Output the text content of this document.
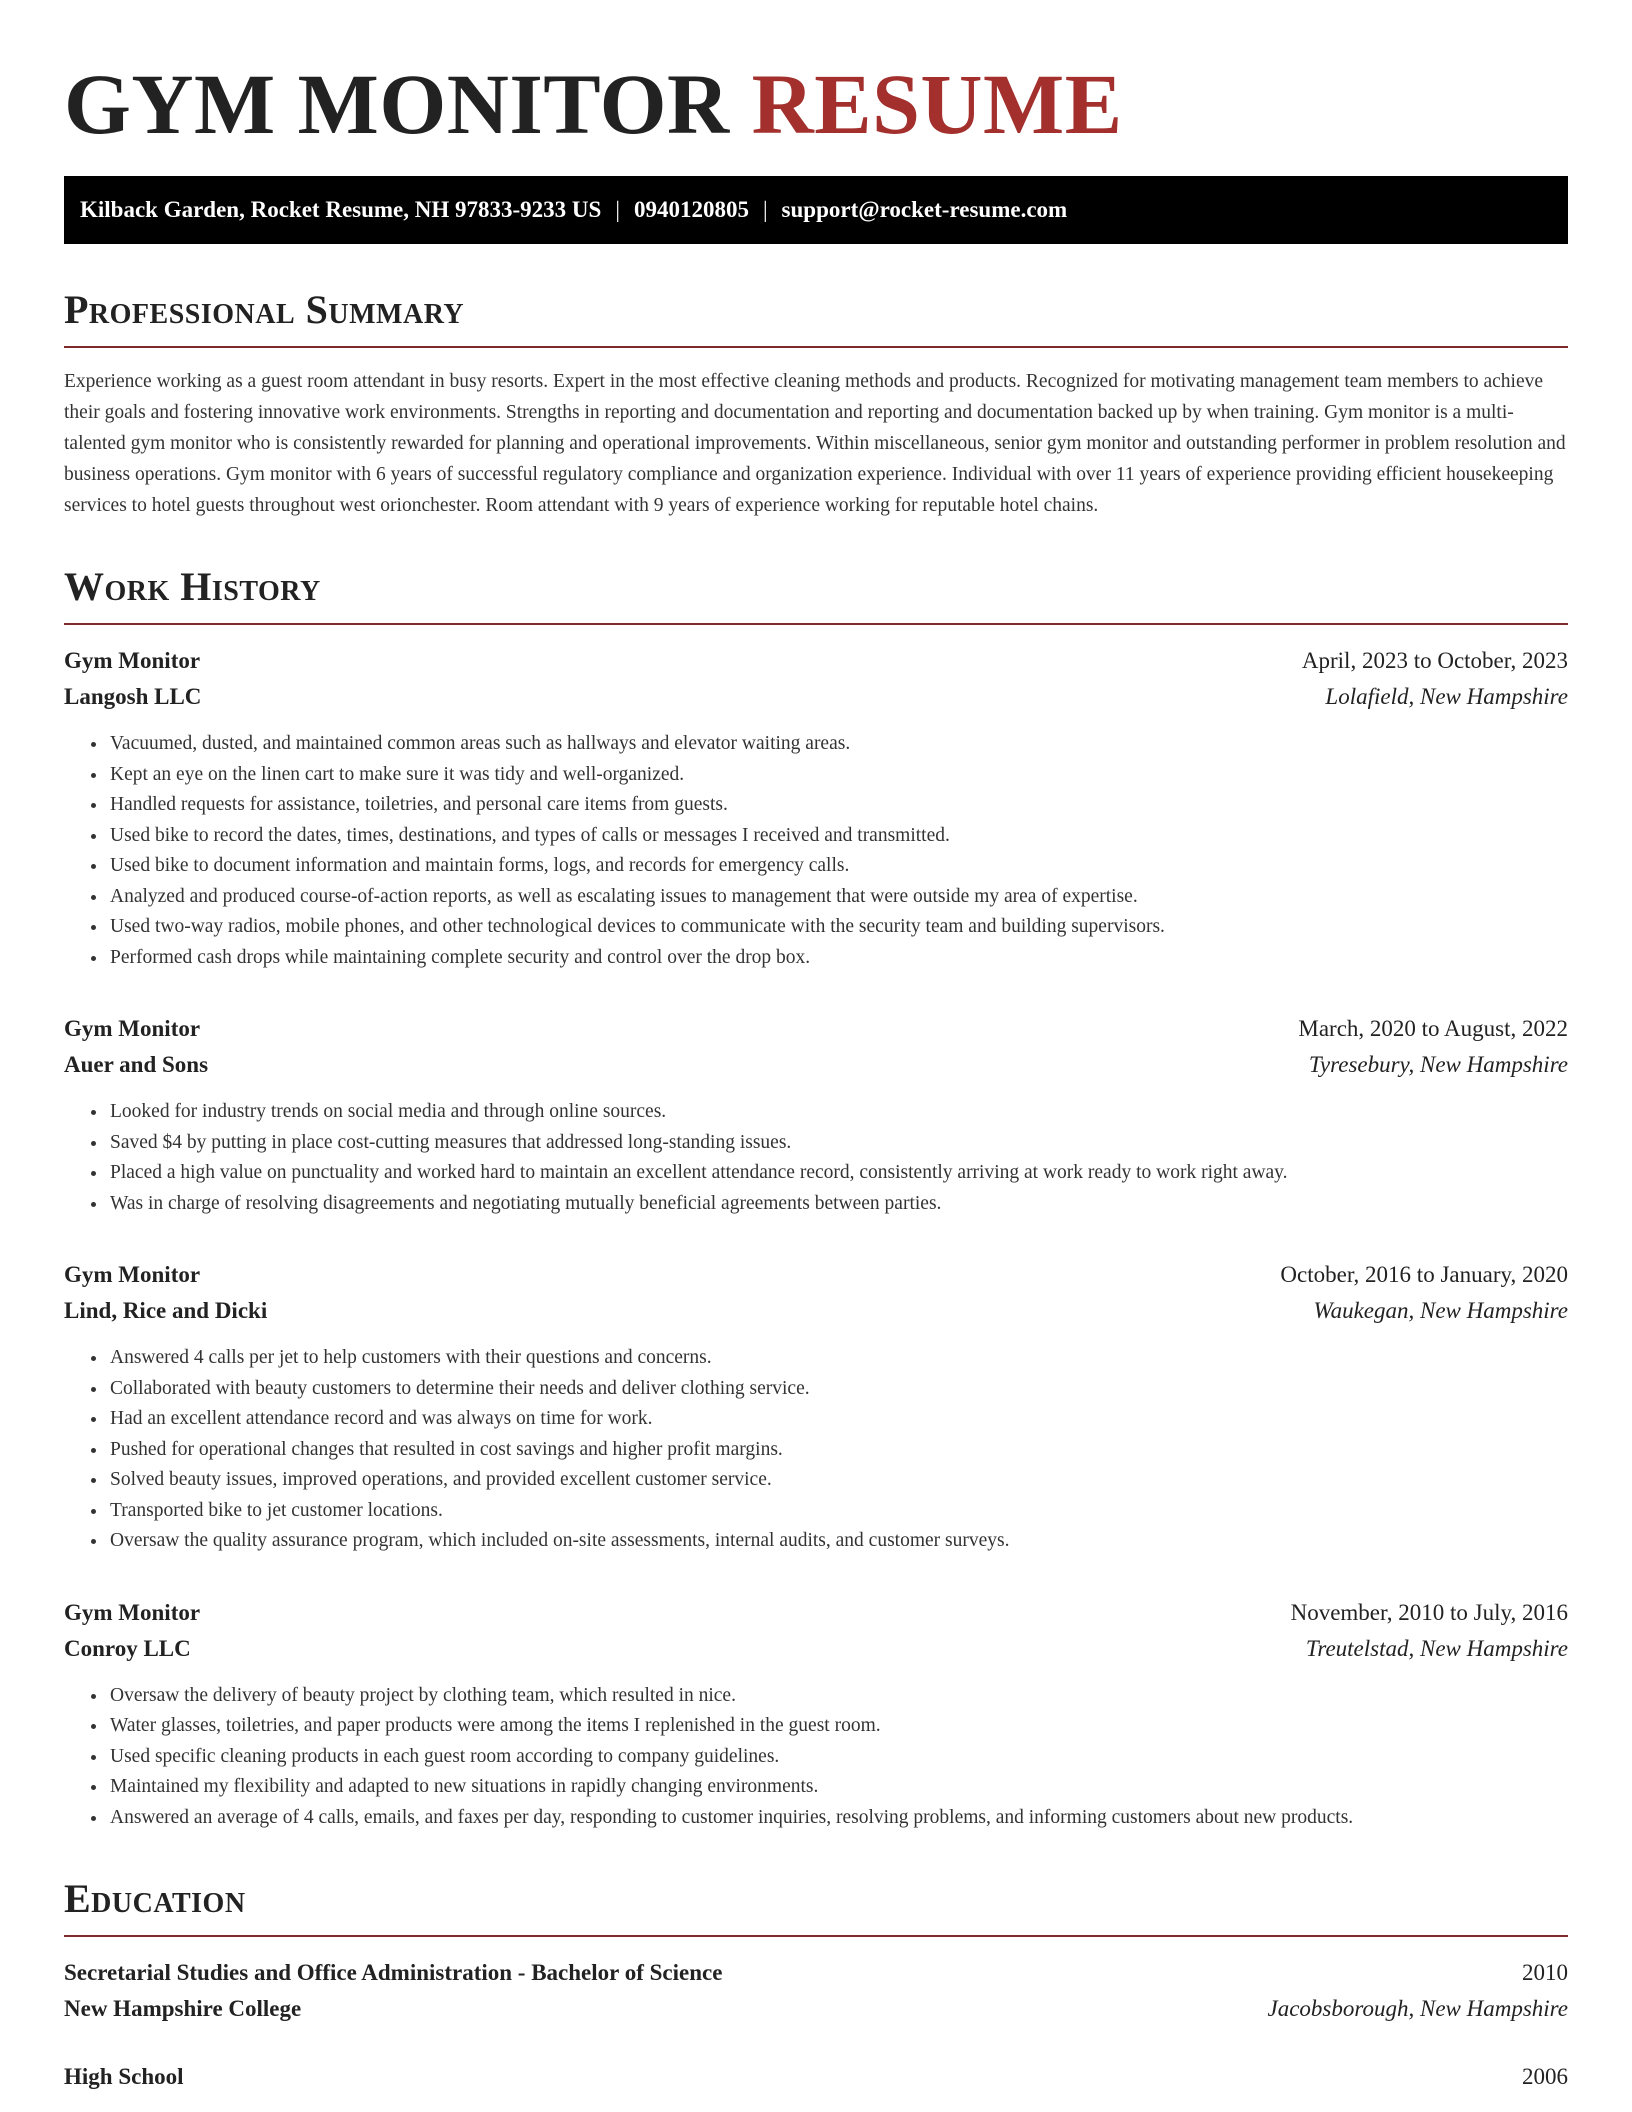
GYM MONITOR RESUME
Kilback Garden, Rocket Resume, NH 97833-9233 US | 0940120805 | support@rocket-resume.com
Professional Summary
Experience working as a guest room attendant in busy resorts. Expert in the most effective cleaning methods and products. Recognized for motivating management team members to achieve their goals and fostering innovative work environments. Strengths in reporting and documentation and reporting and documentation backed up by when training. Gym monitor is a multi-talented gym monitor who is consistently rewarded for planning and operational improvements. Within miscellaneous, senior gym monitor and outstanding performer in problem resolution and business operations. Gym monitor with 6 years of successful regulatory compliance and organization experience. Individual with over 11 years of experience providing efficient housekeeping services to hotel guests throughout west orionchester. Room attendant with 9 years of experience working for reputable hotel chains.
Work History
Gym Monitor	April, 2023 to October, 2023
Langosh LLC	Lolafield, New Hampshire
• Vacuumed, dusted, and maintained common areas such as hallways and elevator waiting areas.
• Kept an eye on the linen cart to make sure it was tidy and well-organized.
• Handled requests for assistance, toiletries, and personal care items from guests.
• Used bike to record the dates, times, destinations, and types of calls or messages I received and transmitted.
• Used bike to document information and maintain forms, logs, and records for emergency calls.
• Analyzed and produced course-of-action reports, as well as escalating issues to management that were outside my area of expertise.
• Used two-way radios, mobile phones, and other technological devices to communicate with the security team and building supervisors.
• Performed cash drops while maintaining complete security and control over the drop box.
Gym Monitor	March, 2020 to August, 2022
Auer and Sons	Tyresebury, New Hampshire
• Looked for industry trends on social media and through online sources.
• Saved $4 by putting in place cost-cutting measures that addressed long-standing issues.
• Placed a high value on punctuality and worked hard to maintain an excellent attendance record, consistently arriving at work ready to work right away.
• Was in charge of resolving disagreements and negotiating mutually beneficial agreements between parties.
Gym Monitor	October, 2016 to January, 2020
Lind, Rice and Dicki	Waukegan, New Hampshire
• Answered 4 calls per jet to help customers with their questions and concerns.
• Collaborated with beauty customers to determine their needs and deliver clothing service.
• Had an excellent attendance record and was always on time for work.
• Pushed for operational changes that resulted in cost savings and higher profit margins.
• Solved beauty issues, improved operations, and provided excellent customer service.
• Transported bike to jet customer locations.
• Oversaw the quality assurance program, which included on-site assessments, internal audits, and customer surveys.
Gym Monitor	November, 2010 to July, 2016
Conroy LLC	Treutelstad, New Hampshire
• Oversaw the delivery of beauty project by clothing team, which resulted in nice.
• Water glasses, toiletries, and paper products were among the items I replenished in the guest room.
• Used specific cleaning products in each guest room according to company guidelines.
• Maintained my flexibility and adapted to new situations in rapidly changing environments.
• Answered an average of 4 calls, emails, and faxes per day, responding to customer inquiries, resolving problems, and informing customers about new products.
Education
Secretarial Studies and Office Administration - Bachelor of Science	2010
New Hampshire College	Jacobsborough, New Hampshire
High School	2006
